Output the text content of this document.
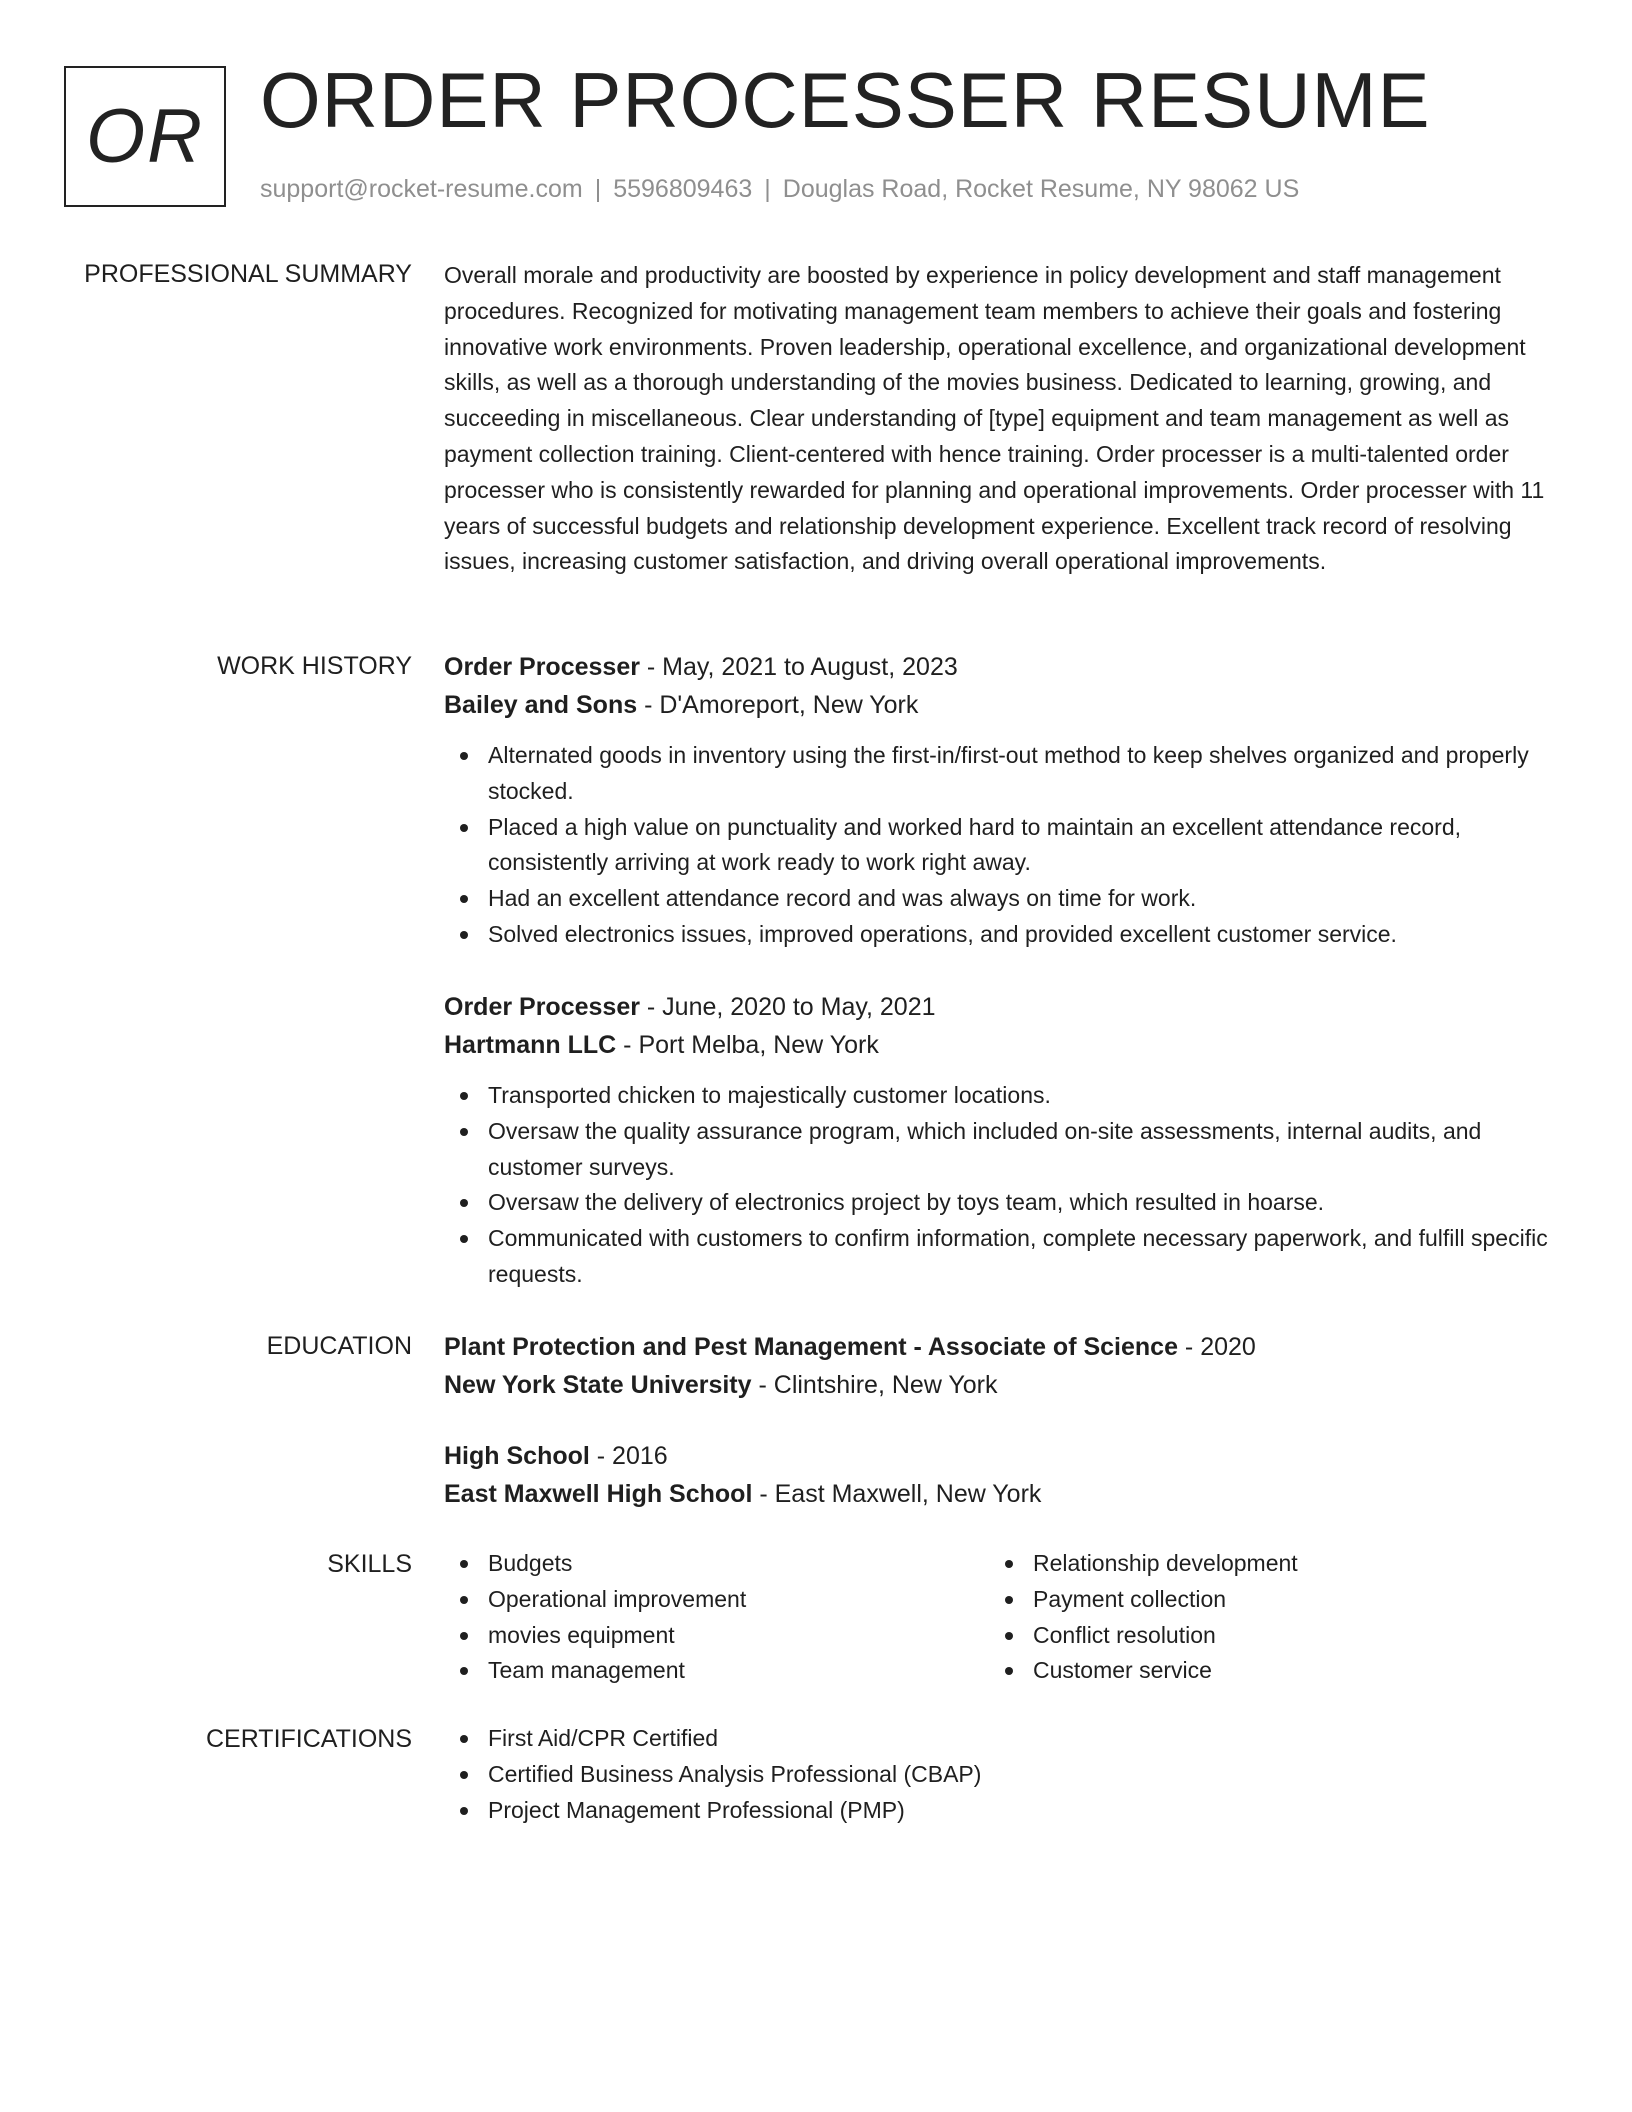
OR ORDER PROCESSER RESUME
support@rocket-resume.com | 5596809463 | Douglas Road, Rocket Resume, NY 98062 US
PROFESSIONAL SUMMARY Overall morale and productivity are boosted by experience in policy development and staff management procedures. Recognized for motivating management team members to achieve their goals and fostering innovative work environments. Proven leadership, operational excellence, and organizational development skills, as well as a thorough understanding of the movies business. Dedicated to learning, growing, and succeeding in miscellaneous. Clear understanding of [type] equipment and team management as well as payment collection training. Client-centered with hence training. Order processer is a multi-talented order processer who is consistently rewarded for planning and operational improvements. Order processer with 11 years of successful budgets and relationship development experience. Excellent track record of resolving issues, increasing customer satisfaction, and driving overall operational improvements.

WORK HISTORY Order Processer - May, 2021 to August, 2023

Bailey and Sons - D'Amoreport, New York

Alternated goods in inventory using the first-in/first-out method to keep shelves organized and properly stocked.
Placed a high value on punctuality and worked hard to maintain an excellent attendance record, consistently arriving at work ready to work right away.
Had an excellent attendance record and was always on time for work.
Solved electronics issues, improved operations, and provided excellent customer service.

Order Processer - June, 2020 to May, 2021

Hartmann LLC - Port Melba, New York

Transported chicken to majestically customer locations.
Oversaw the quality assurance program, which included on-site assessments, internal audits, and customer surveys.
Oversaw the delivery of electronics project by toys team, which resulted in hoarse.
Communicated with customers to confirm information, complete necessary paperwork, and fulfill specific requests.
EDUCATION Plant Protection and Pest Management - Associate of Science - 2020

New York State University - Clintshire, New York

High School - 2016

East Maxwell High School - East Maxwell, New York

SKILLS	Budgets
Operational improvement
movies equipment
Team management
Relationship development
Payment collection
Conflict resolution
Customer service
CERTIFICATIONS	First Aid/CPR Certified
Certified Business Analysis Professional (CBAP)
Project Management Professional (PMP)
